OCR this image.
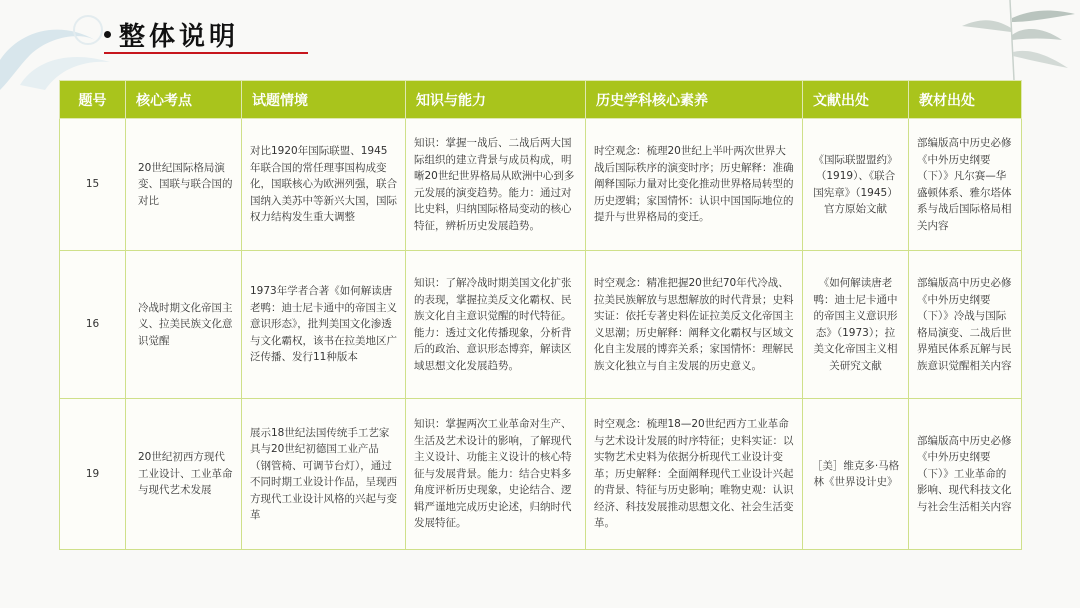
整体说明
题号	核心考点	试题情境	知识与能力	历史学科核心素养	文献出处	教材出处
15	20世纪国际格局演变、国联与联合国的对比	对比1920年国际联盟、1945年联合国的常任理事国构成变化，国联核心为欧洲列强，联合国纳入美苏中等新兴大国，国际权力结构发生重大调整	知识：掌握一战后、二战后两大国际组织的建立背景与成员构成，明晰20世纪世界格局从欧洲中心到多元发展的演变趋势。能力：通过对比史料，归纳国际格局变动的核心特征，辨析历史发展趋势。	时空观念：梳理20世纪上半叶两次世界大战后国际秩序的演变时序；历史解释：准确阐释国际力量对比变化推动世界格局转型的历史逻辑；家国情怀：认识中国国际地位的提升与世界格局的变迁。	《国际联盟盟约》（1919）、《联合国宪章》（1945）官方原始文献	部编版高中历史必修《中外历史纲要（下）》凡尔赛—华盛顿体系、雅尔塔体系与战后国际格局相关内容
16	冷战时期文化帝国主义、拉美民族文化意识觉醒	1973年学者合著《如何解读唐老鸭：迪士尼卡通中的帝国主义意识形态》，批判美国文化渗透与文化霸权，该书在拉美地区广泛传播、发行11种版本	知识：了解冷战时期美国文化扩张的表现，掌握拉美反文化霸权、民族文化自主意识觉醒的时代特征。能力：透过文化传播现象，分析背后的政治、意识形态博弈，解读区域思想文化发展趋势。	时空观念：精准把握20世纪70年代冷战、拉美民族解放与思想解放的时代背景；史料实证：依托专著史料佐证拉美反文化帝国主义思潮；历史解释：阐释文化霸权与区域文化自主发展的博弈关系；家国情怀：理解民族文化独立与自主发展的历史意义。	《如何解读唐老鸭：迪士尼卡通中的帝国主义意识形态》（1973）；拉美文化帝国主义相关研究文献	部编版高中历史必修《中外历史纲要（下）》冷战与国际格局演变、二战后世界殖民体系瓦解与民族意识觉醒相关内容
19	20世纪初西方现代工业设计、工业革命与现代艺术发展	展示18世纪法国传统手工艺家具与20世纪初德国工业产品（钢管椅、可调节台灯），通过不同时期工业设计作品，呈现西方现代工业设计风格的兴起与变革	知识：掌握两次工业革命对生产、生活及艺术设计的影响，了解现代主义设计、功能主义设计的核心特征与发展背景。能力：结合史料多角度评析历史现象，史论结合、逻辑严谨地完成历史论述，归纳时代发展特征。	时空观念：梳理18—20世纪西方工业革命与艺术设计发展的时序特征；史料实证：以实物艺术史料为依据分析现代工业设计变革；历史解释：全面阐释现代工业设计兴起的背景、特征与历史影响；唯物史观：认识经济、科技发展推动思想文化、社会生活变革。	［美］维克多·马格林《世界设计史》	部编版高中历史必修《中外历史纲要（下）》工业革命的影响、现代科技文化与社会生活相关内容
